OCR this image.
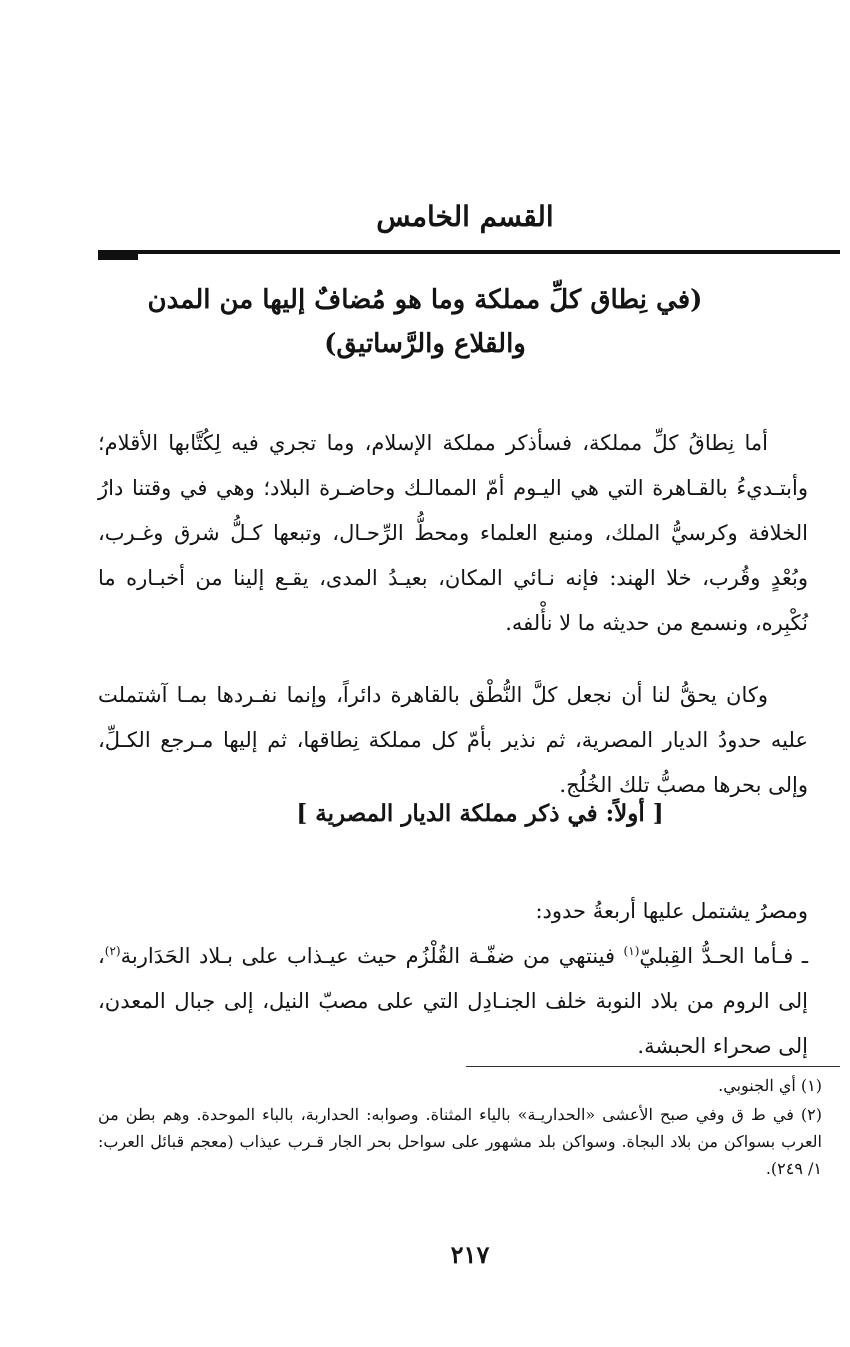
القسم الخامس
(في نِطاق كلِّ مملكة وما هو مُضافٌ إليها من المدن والقلاع والرَّساتيق)

أما نِطاقُ كلِّ مملكة، فسأذكر مملكة الإسلام، وما تجري فيه لِكُتَّابها الأقلام؛ وأبتـديءُ بالقـاهرة التي هي اليـوم أمّ الممالـك وحاضـرة البلاد؛ وهي في وقتنا دارُ الخلافة وكرسيُّ الملك، ومنبع العلماء ومحطُّ الرِّحـال، وتبعها كـلُّ شرق وغـرب، وبُعْدٍ وقُرب، خلا الهند: فإنه نـائي المكان، بعيـدُ المدى، يقـع إلينا من أخبـاره ما نُكْبِره، ونسمع من حديثه ما لا نأْلفه.

وكان يحقُّ لنا أن نجعل كلَّ النُّطْق بالقاهرة دائراً، وإنما نفـردها بمـا آشتملت عليه حدودُ الديار المصرية، ثم نذير بأمّ كل مملكة نِطاقها، ثم إليها مـرجع الكـلِّ، وإلى بحرها مصبُّ تلك الخُلُج.

[ أولاً: في ذكر مملكة الديار المصرية ]

ومصرُ يشتمل عليها أربعةُ حدود:

ـ فـأما الحـدُّ القِبليّ$^{(١)}$ فينتهي من ضفّـة القُلْزُم حيث عيـذاب على بـلاد الحَدَاربة$^{(٢)}$، إلى الروم من بلاد النوبة خلف الجنـادِل التي على مصبّ النيل، إلى جبال المعدن، إلى صحراء الحبشة.

(١) أي الجنوبي.

(٢) في ط ق وفي صبح الأعشى «الحداريـة» بالياء المثناة. وصوابه: الحداربة، بالباء الموحدة. وهم بطن من العرب بسواكن من بلاد البجاة. وسواكن بلد مشهور على سواحل بحر الجار قـرب عيذاب (معجم قبائل العرب: ١/ ٢٤٩).

٢١٧
